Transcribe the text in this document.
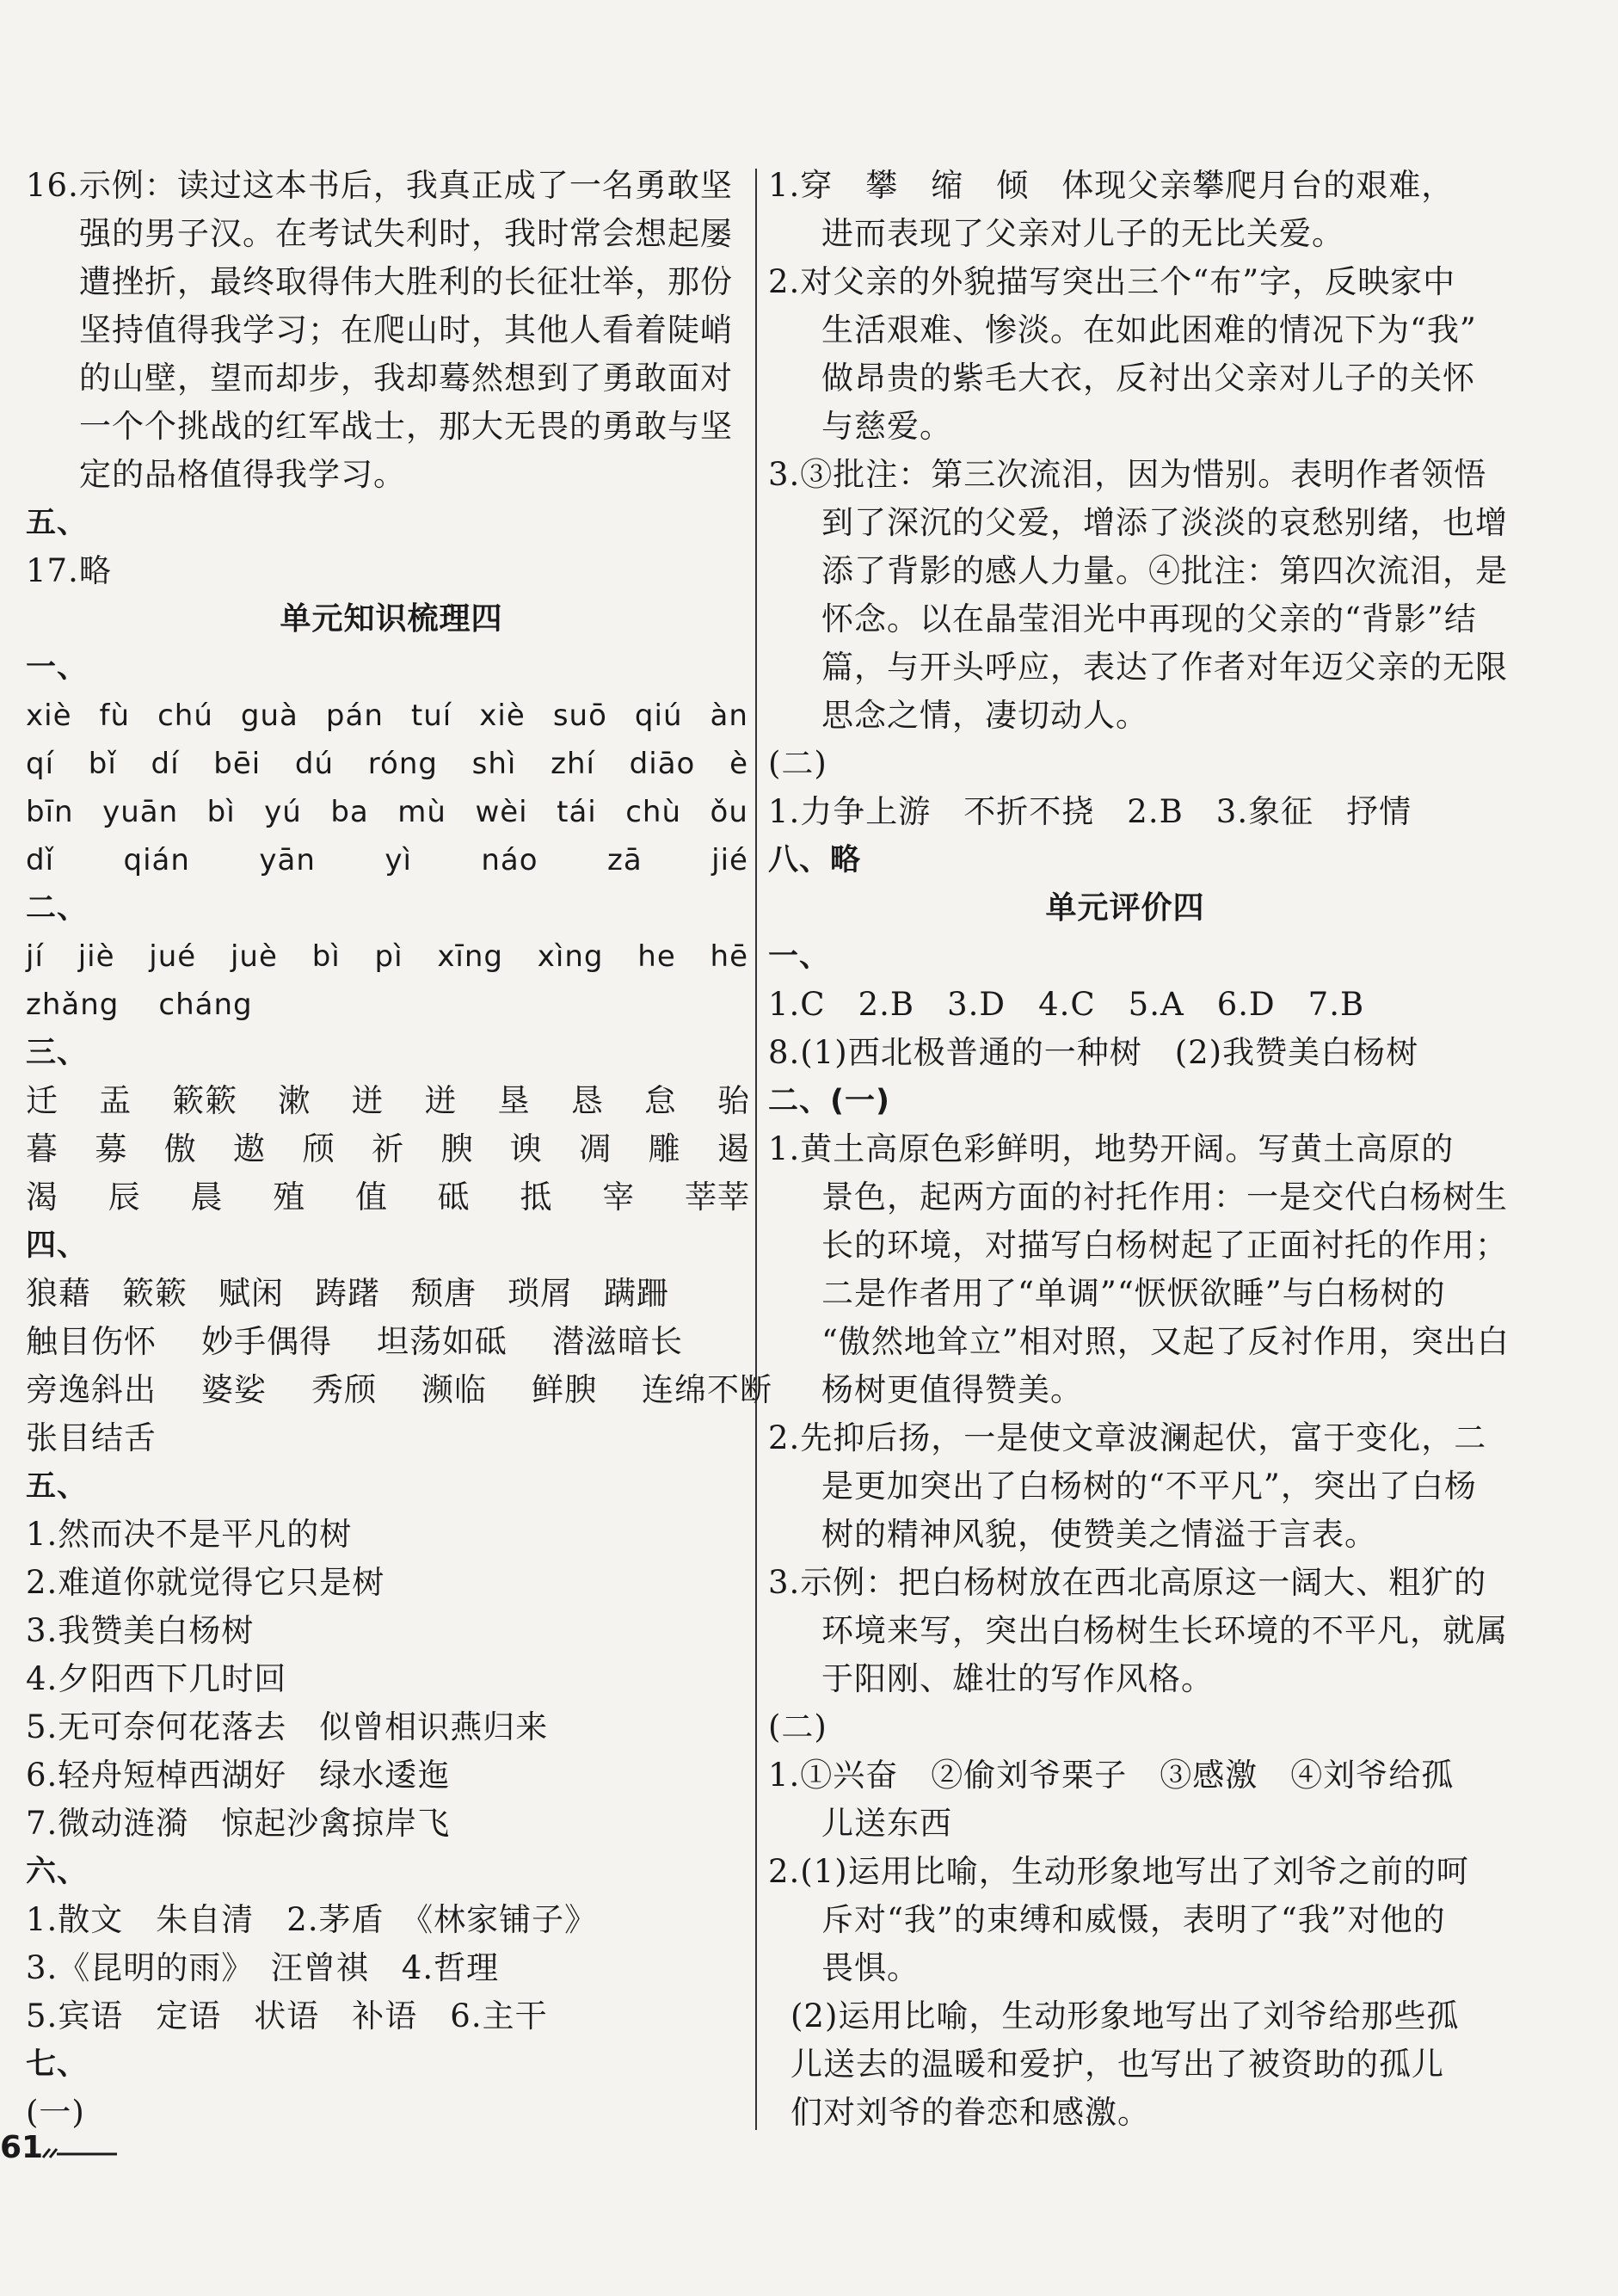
16.示例：读过这本书后，我真正成了一名勇敢坚
强的男子汉。在考试失利时，我时常会想起屡
遭挫折，最终取得伟大胜利的长征壮举，那份
坚持值得我学习；在爬山时，其他人看着陡峭
的山壁，望而却步，我却蓦然想到了勇敢面对
一个个挑战的红军战士，那大无畏的勇敢与坚
定的品格值得我学习。
五、
17.略
单元知识梳理四
一、
xiè fù chú guà pán tuí xiè suō qiú àn
qí bǐ dí bēi dú róng shì zhí diāo è
bīn yuān bì yú ba mù wèi tái chù ǒu
dǐ qián yān yì náo zā jié
二、
jí jiè jué juè bì pì xīng xìng he hē
zhǎng cháng
三、
迁 盂 簌簌 漱 迸 迸 垦 恳 怠 骀
暮 募 傲 遨 颀 祈 腴 谀 凋 雕 遏
渴 辰 晨 殖 值 砥 抵 宰 莘莘
四、
狼藉 簌簌 赋闲 踌躇 颓唐 琐屑 蹒跚
触目伤怀 妙手偶得 坦荡如砥 潜滋暗长
旁逸斜出 婆娑 秀颀 濒临 鲜腴 连绵不断
张目结舌
五、
1.然而决不是平凡的树
2.难道你就觉得它只是树
3.我赞美白杨树
4.夕阳西下几时回
5.无可奈何花落去　似曾相识燕归来
6.轻舟短棹西湖好　绿水逶迤
7.微动涟漪　惊起沙禽掠岸飞
六、
1.散文　朱自清　2.茅盾　《林家铺子》
3.《昆明的雨》　汪曾祺　4.哲理
5.宾语　定语　状语　补语　6.主干
七、
(一)
1.穿　攀　缩　倾　体现父亲攀爬月台的艰难，
进而表现了父亲对儿子的无比关爱。
2.对父亲的外貌描写突出三个“布”字，反映家中
生活艰难、惨淡。在如此困难的情况下为“我”
做昂贵的紫毛大衣，反衬出父亲对儿子的关怀
与慈爱。
3.③批注：第三次流泪，因为惜别。表明作者领悟
到了深沉的父爱，增添了淡淡的哀愁别绪，也增
添了背影的感人力量。④批注：第四次流泪，是
怀念。以在晶莹泪光中再现的父亲的“背影”结
篇，与开头呼应，表达了作者对年迈父亲的无限
思念之情，凄切动人。
(二)
1.力争上游　不折不挠　2.B　3.象征　抒情
八、略
单元评价四
一、
1.C　2.B　3.D　4.C　5.A　6.D　7.B
8.(1)西北极普通的一种树　(2)我赞美白杨树
二、(一)
1.黄土高原色彩鲜明，地势开阔。写黄土高原的
景色，起两方面的衬托作用：一是交代白杨树生
长的环境，对描写白杨树起了正面衬托的作用；
二是作者用了“单调”“恹恹欲睡”与白杨树的
“傲然地耸立”相对照，又起了反衬作用，突出白
杨树更值得赞美。
2.先抑后扬，一是使文章波澜起伏，富于变化，二
是更加突出了白杨树的“不平凡”，突出了白杨
树的精神风貌，使赞美之情溢于言表。
3.示例：把白杨树放在西北高原这一阔大、粗犷的
环境来写，突出白杨树生长环境的不平凡，就属
于阳刚、雄壮的写作风格。
(二)
1.①兴奋　②偷刘爷栗子　③感激　④刘爷给孤
儿送东西
2.(1)运用比喻，生动形象地写出了刘爷之前的呵
斥对“我”的束缚和威慑，表明了“我”对他的
畏惧。
(2)运用比喻，生动形象地写出了刘爷给那些孤
儿送去的温暖和爱护，也写出了被资助的孤儿
们对刘爷的眷恋和感激。
61
